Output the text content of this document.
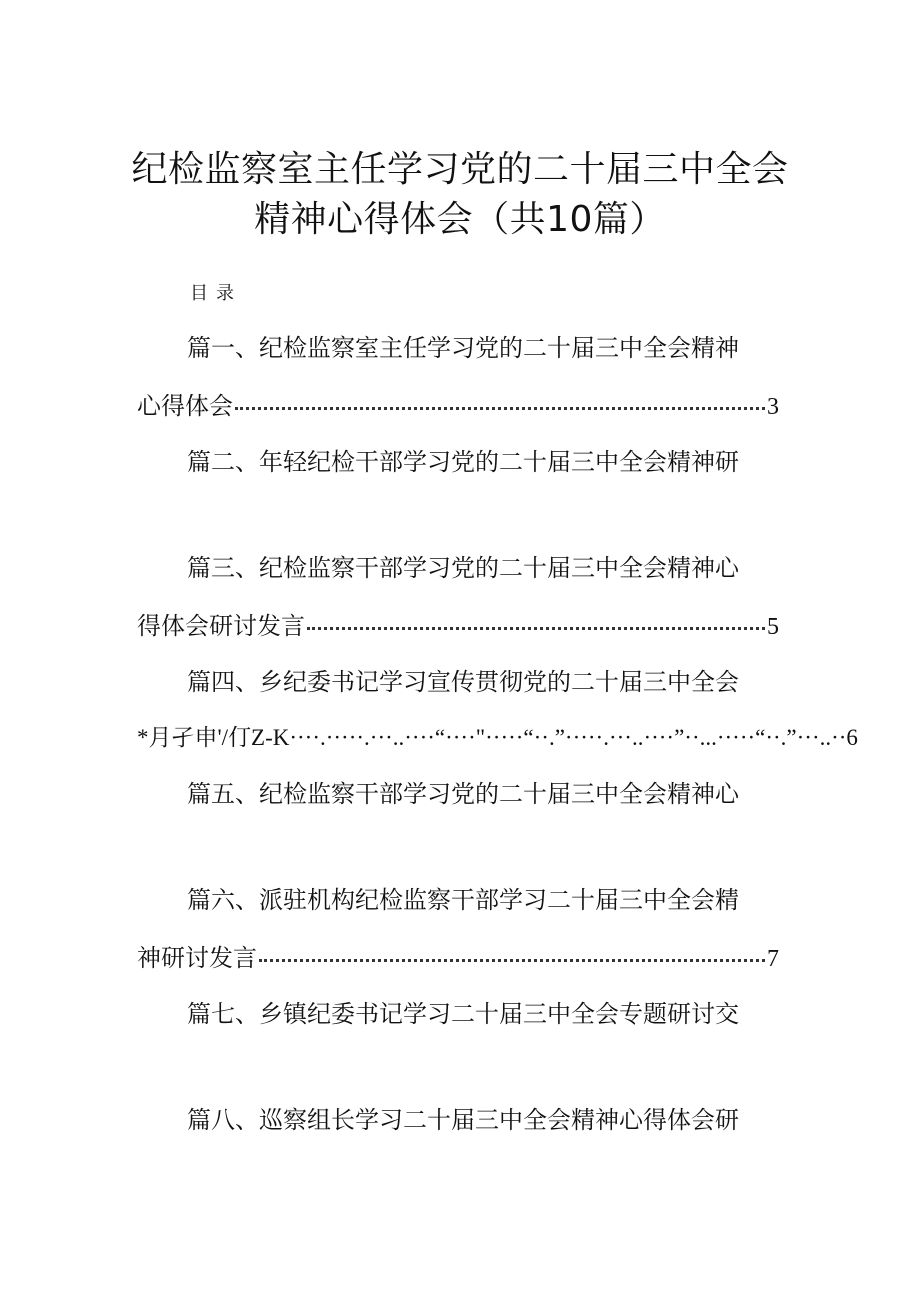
纪检监察室主任学习党的二十届三中全会
精神心得体会（共10篇）
目录
篇一、纪检监察室主任学习党的二十届三中全会精神
心得体会	3
篇二、年轻纪检干部学习党的二十届三中全会精神研
篇三、纪检监察干部学习党的二十届三中全会精神心
得体会研讨发言	5
篇四、乡纪委书记学习宣传贯彻党的二十届三中全会
*月孑申'/仃Z-K····.·····.···..····“····"·····“··.”·····.···..····”··...·····“··.”···..··6
篇五、纪检监察干部学习党的二十届三中全会精神心
篇六、派驻机构纪检监察干部学习二十届三中全会精
神研讨发言	7
篇七、乡镇纪委书记学习二十届三中全会专题研讨交
篇八、巡察组长学习二十届三中全会精神心得体会研
